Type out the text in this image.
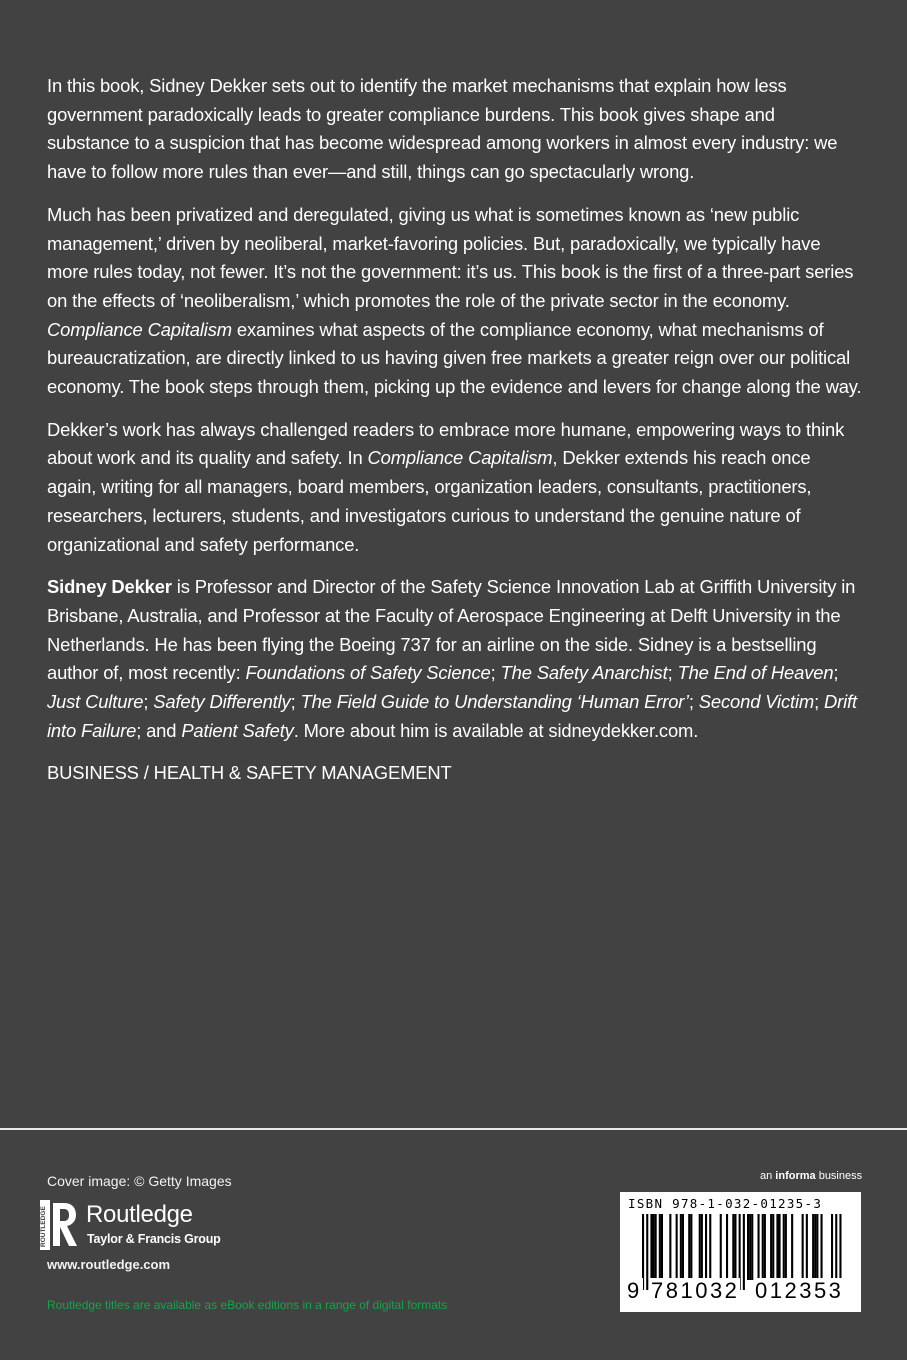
In this book, Sidney Dekker sets out to identify the market mechanisms that explain how less government paradoxically leads to greater compliance burdens. This book gives shape and substance to a suspicion that has become widespread among workers in almost every industry: we have to follow more rules than ever—and still, things can go spectacularly wrong.

Much has been privatized and deregulated, giving us what is sometimes known as ‘new public management,’ driven by neoliberal, market-favoring policies. But, paradoxically, we typically have more rules today, not fewer. It’s not the government: it’s us. This book is the first of a three-part series on the effects of ‘neoliberalism,’ which promotes the role of the private sector in the economy. Compliance Capitalism examines what aspects of the compliance economy, what mechanisms of bureaucratization, are directly linked to us having given free markets a greater reign over our political economy. The book steps through them, picking up the evidence and levers for change along the way.

Dekker’s work has always challenged readers to embrace more humane, empowering ways to think about work and its quality and safety. In Compliance Capitalism, Dekker extends his reach once again, writing for all managers, board members, organization leaders, consultants, practitioners, researchers, lecturers, students, and investigators curious to understand the genuine nature of organizational and safety performance.

Sidney Dekker is Professor and Director of the Safety Science Innovation Lab at Griffith University in Brisbane, Australia, and Professor at the Faculty of Aerospace Engineering at Delft University in the Netherlands. He has been flying the Boeing 737 for an airline on the side. Sidney is a bestselling author of, most recently: Foundations of Safety Science; The Safety Anarchist; The End of Heaven; Just Culture; Safety Differently; The Field Guide to Understanding ‘Human Error’; Second Victim; Drift into Failure; and Patient Safety. More about him is available at sidneydekker.com.

BUSINESS / HEALTH & SAFETY MANAGEMENT

Cover image: © Getty Images
ROUTLEDGE Routledge
Taylor & Francis Group
www.routledge.com
Routledge titles are available as eBook editions in a range of digital formats
an informa business
ISBN 978-1-032-01235-3
9 781032 012353
